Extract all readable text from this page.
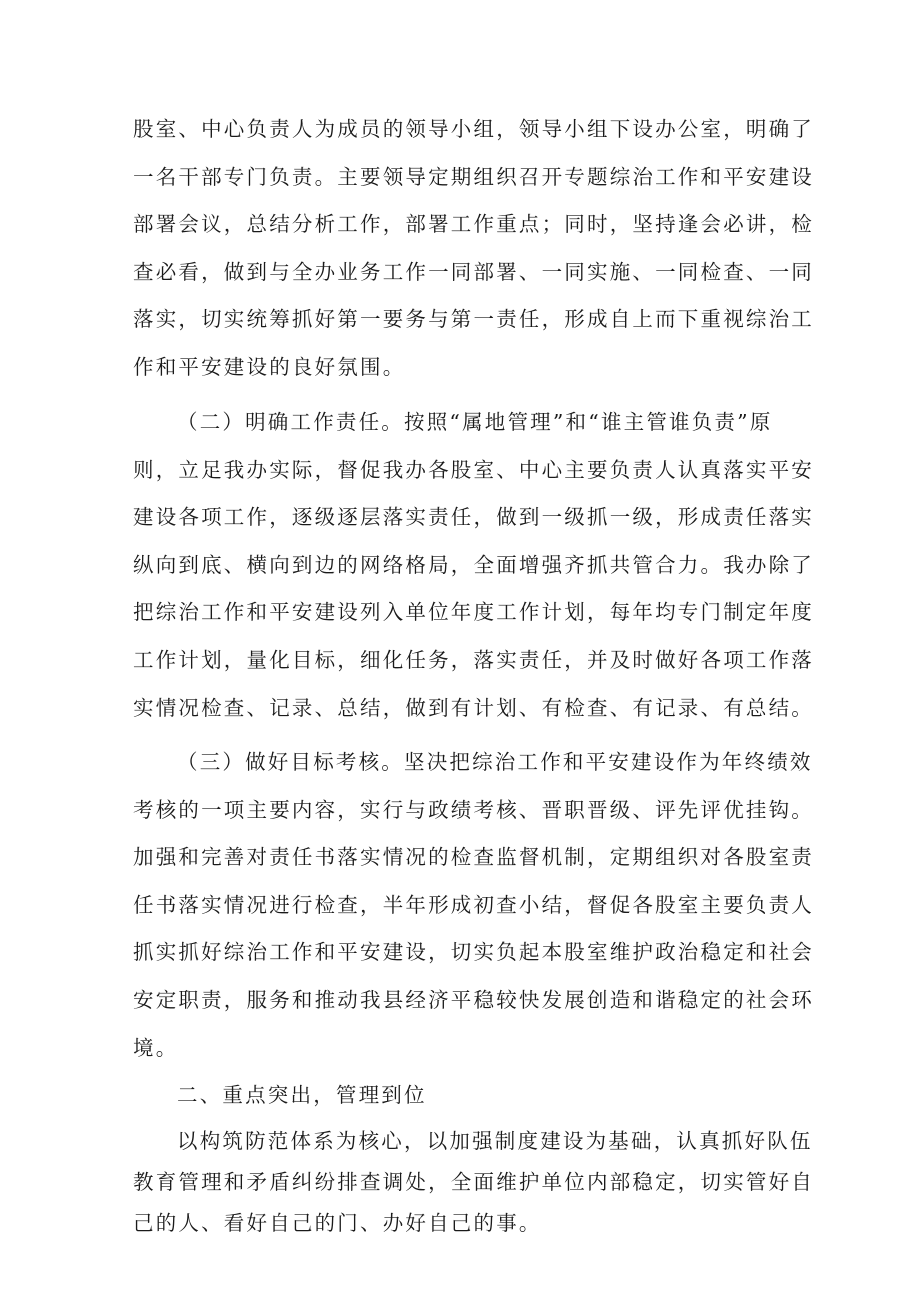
股室、中心负责人为成员的领导小组，领导小组下设办公室，明确了
一名干部专门负责。主要领导定期组织召开专题综治工作和平安建设
部署会议，总结分析工作，部署工作重点；同时，坚持逢会必讲，检
查必看，做到与全办业务工作一同部署、一同实施、一同检查、一同
落实，切实统筹抓好第一要务与第一责任，形成自上而下重视综治工
作和平安建设的良好氛围。
（二）明确工作责任。按照“属地管理”和“谁主管谁负责”原
则，立足我办实际，督促我办各股室、中心主要负责人认真落实平安
建设各项工作，逐级逐层落实责任，做到一级抓一级，形成责任落实
纵向到底、横向到边的网络格局，全面增强齐抓共管合力。我办除了
把综治工作和平安建设列入单位年度工作计划，每年均专门制定年度
工作计划，量化目标，细化任务，落实责任，并及时做好各项工作落
实情况检查、记录、总结，做到有计划、有检查、有记录、有总结。
（三）做好目标考核。坚决把综治工作和平安建设作为年终绩效
考核的一项主要内容，实行与政绩考核、晋职晋级、评先评优挂钩。
加强和完善对责任书落实情况的检查监督机制，定期组织对各股室责
任书落实情况进行检查，半年形成初查小结，督促各股室主要负责人
抓实抓好综治工作和平安建设，切实负起本股室维护政治稳定和社会
安定职责，服务和推动我县经济平稳较快发展创造和谐稳定的社会环
境。
二、重点突出，管理到位
以构筑防范体系为核心，以加强制度建设为基础，认真抓好队伍
教育管理和矛盾纠纷排查调处，全面维护单位内部稳定，切实管好自
己的人、看好自己的门、办好自己的事。
